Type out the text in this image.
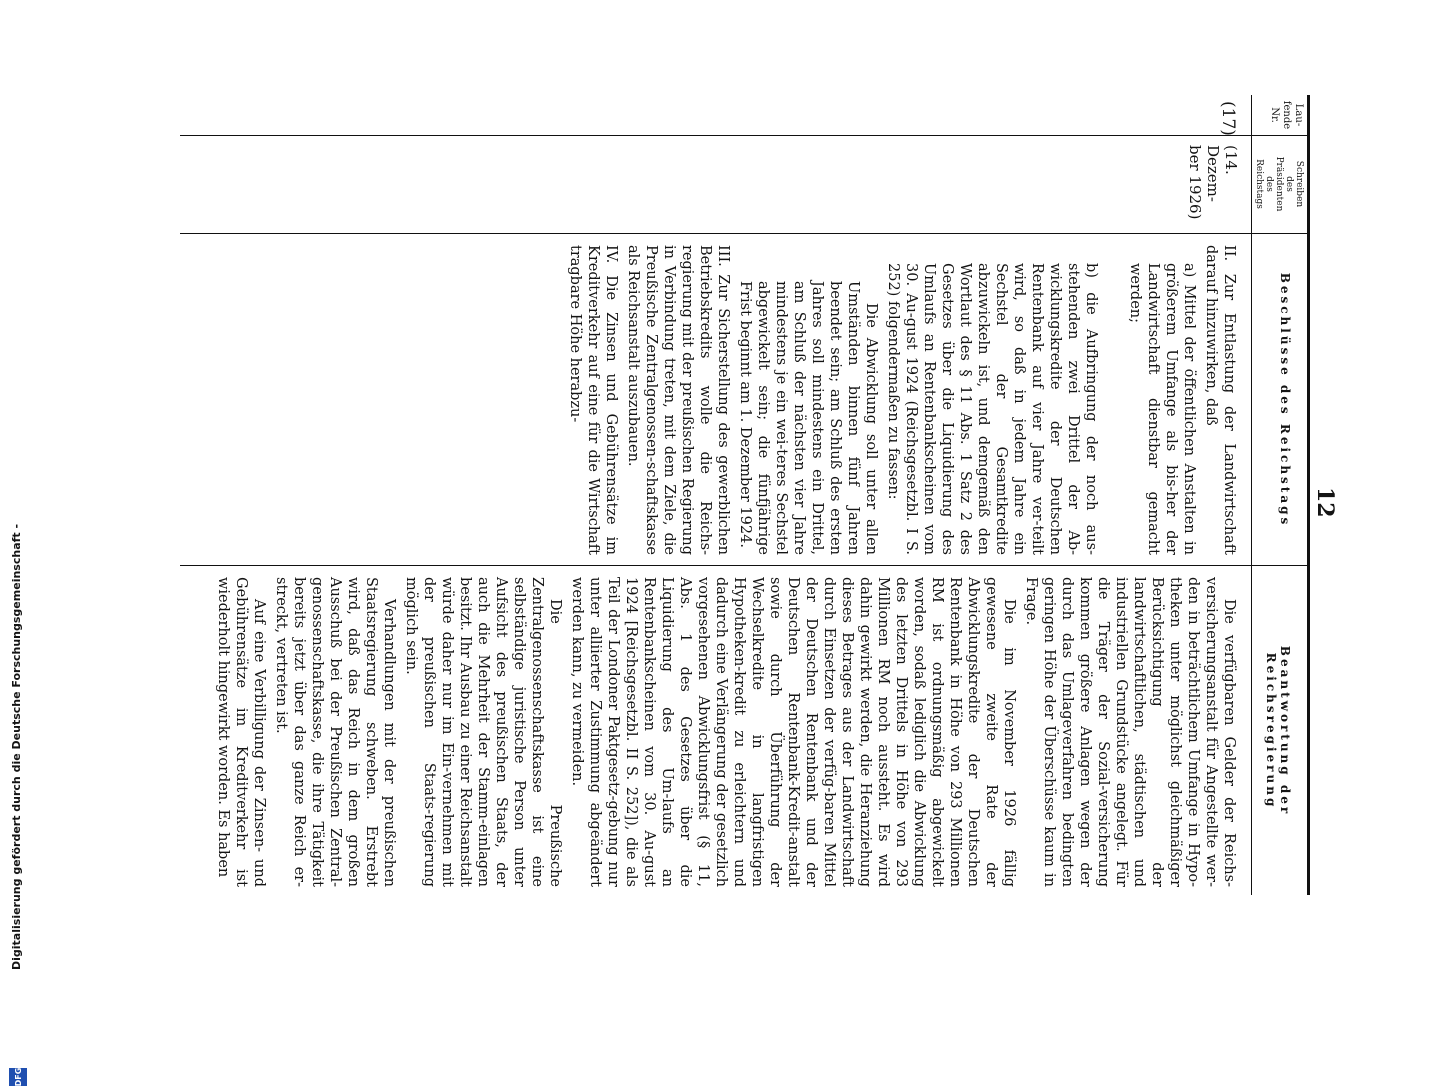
Digitalisierung gefördert durch die Deutsche Forschungsgemeinschaft -
DFG
12
Lau-
fende
Nr.
Schreiben
des
Präsidenten
des
Reichstags
Beschlüsse des Reichstags
Beantwortung der Reichsregierung
(17)
(14. Dezem-
ber 1926)

II. Zur Entlastung der Landwirtschaft darauf hinzuwirken, daß

a) Mittel der öffentlichen Anstalten in größerem Umfange als bis-her der Landwirtschaft dienstbar gemacht werden;

b) die Aufbringung der noch aus-stehenden zwei Drittel der Ab-wicklungskredite der Deutschen Rentenbank auf vier Jahre ver-teilt wird, so daß in jedem Jahre ein Sechstel der Gesamtkredite abzuwickeln ist, und demgemäß den Wortlaut des § 11 Abs. 1 Satz 2 des Gesetzes über die Liquidierung des Umlaufs an Rentenbankscheinen vom 30. Au-gust 1924 (Reichsgesetzbl. I S. 252) folgendermaßen zu fassen:

Die Abwicklung soll unter allen Umständen binnen fünf Jahren beendet sein; am Schluß des ersten Jahres soll mindestens ein Drittel, am Schluß der nächsten vier Jahre mindestens je ein wei-teres Sechstel abgewickelt sein; die fünfjährige Frist beginnt am 1. Dezember 1924.

III. Zur Sicherstellung des gewerblichen Betriebskredits wolle die Reichs-regierung mit der preußischen Regierung in Verbindung treten, mit dem Ziele, die Preußische Zentralgenossen-schaftskasse als Reichsanstalt auszubauen.

IV. Die Zinsen und Gebührensätze im Kreditverkehr auf eine für die Wirtschaft tragbare Höhe herabzu-

Die verfügbaren Gelder der Reichs-versicherungsanstalt für Angestellte wer-den in beträchtlichem Umfange in Hypo-theken unter möglichst gleichmäßiger Berücksichtigung der landwirtschaftlichen, städtischen und industriellen Grundstücke angelegt. Für die Träger der Sozial-versicherung kommen größere Anlagen wegen der durch das Umlageverfahren bedingten geringen Höhe der Überschüsse kaum in Frage.

Die im November 1926 fällig gewesene zweite Rate der Abwicklungskredite der Deutschen Rentenbank in Höhe von 293 Millionen RM ist ordnungsmäßig abgewickelt worden, sodaß lediglich die Abwicklung des letzten Drittels in Höhe von 293 Millionen RM noch aussteht. Es wird dahin gewirkt werden, die Heranziehung dieses Betrages aus der Landwirtschaft durch Einsetzen der verfüg-baren Mittel der Deutschen Rentenbank und der Deutschen Rentenbank-Kredit-anstalt sowie durch Überführung der Wechselkredite in langfristigen Hypotheken-kredit zu erleichtern und dadurch eine Verlängerung der gesetzlich vorgesehenen Abwicklungsfrist (§ 11, Abs. 1 des Gesetzes über die Liquidierung des Um-laufs an Rentenbankscheinen vom 30. Au-gust 1924 [Reichsgesetzbl. II S. 252]), die als Teil der Londoner Paktgesetz-gebung nur unter alliierter Zustimmung abgeändert werden kann, zu vermeiden.

Die Preußische Zentralgenossenschaftskasse ist eine selbständige juristische Person unter Aufsicht des preußischen Staats, der auch die Mehrheit der Stamm-einlagen besitzt. Ihr Ausbau zu einer Reichsanstalt würde daher nur im Ein-vernehmen mit der preußischen Staats-regierung möglich sein.

Verhandlungen mit der preußischen Staatsregierung schweben. Erstrebt wird, daß das Reich in dem großen Ausschuß bei der Preußischen Zentral-genossenschaftskasse, die ihre Tätigkeit bereits jetzt über das ganze Reich er-streckt, vertreten ist.

Auf eine Verbilligung der Zinsen- und Gebührensätze im Kreditverkehr ist wiederholt hingewirkt worden. Es haben
